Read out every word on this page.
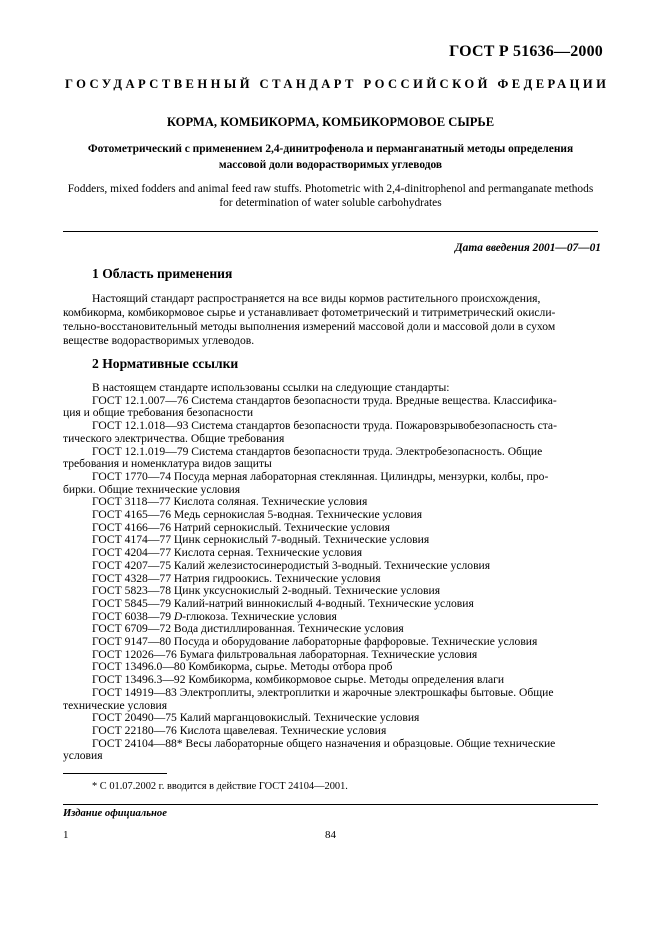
ГОСТ Р 51636—2000
ГОСУДАРСТВЕННЫЙ СТАНДАРТ РОССИЙСКОЙ ФЕДЕРАЦИИ
КОРМА, КОМБИКОРМА, КОМБИКОРМОВОЕ СЫРЬЕ
Фотометрический с применением 2,4-динитрофенола и перманганатный методы определения
массовой доли водорастворимых углеводов
Fodders, mixed fodders and animal feed raw stuffs. Photometric with 2,4-dinitrophenol and permanganate methods
for determination of water soluble carbohydrates
Дата введения 2001—07—01
1 Область применения
Настоящий стандарт распространяется на все виды кормов растительного происхождения,
комбикорма, комбикормовое сырье и устанавливает фотометрический и титриметрический окисли-
тельно-восстановительный методы выполнения измерений массовой доли и массовой доли в сухом
веществе водорастворимых углеводов.
2 Нормативные ссылки
В настоящем стандарте использованы ссылки на следующие стандарты:
ГОСТ 12.1.007—76 Система стандартов безопасности труда. Вредные вещества. Классифика-
ция и общие требования безопасности
ГОСТ 12.1.018—93 Система стандартов безопасности труда. Пожаровзрывобезопасность ста-
тического электричества. Общие требования
ГОСТ 12.1.019—79 Система стандартов безопасности труда. Электробезопасность. Общие
требования и номенклатура видов защиты
ГОСТ 1770—74 Посуда мерная лабораторная стеклянная. Цилиндры, мензурки, колбы, про-
бирки. Общие технические условия
ГОСТ 3118—77 Кислота соляная. Технические условия
ГОСТ 4165—76 Медь сернокислая 5-водная. Технические условия
ГОСТ 4166—76 Натрий сернокислый. Технические условия
ГОСТ 4174—77 Цинк сернокислый 7-водный. Технические условия
ГОСТ 4204—77 Кислота серная. Технические условия
ГОСТ 4207—75 Калий железистосинеродистый 3-водный. Технические условия
ГОСТ 4328—77 Натрия гидроокись. Технические условия
ГОСТ 5823—78 Цинк уксуснокислый 2-водный. Технические условия
ГОСТ 5845—79 Калий-натрий виннокислый 4-водный. Технические условия
ГОСТ 6038—79 D-глюкоза. Технические условия
ГОСТ 6709—72 Вода дистиллированная. Технические условия
ГОСТ 9147—80 Посуда и оборудование лабораторные фарфоровые. Технические условия
ГОСТ 12026—76 Бумага фильтровальная лабораторная. Технические условия
ГОСТ 13496.0—80 Комбикорма, сырье. Методы отбора проб
ГОСТ 13496.3—92 Комбикорма, комбикормовое сырье. Методы определения влаги
ГОСТ 14919—83 Электроплиты, электроплитки и жарочные электрошкафы бытовые. Общие
технические условия
ГОСТ 20490—75 Калий марганцовокислый. Технические условия
ГОСТ 22180—76 Кислота щавелевая. Технические условия
ГОСТ 24104—88* Весы лабораторные общего назначения и образцовые. Общие технические
условия
* С 01.07.2002 г. вводится в действие ГОСТ 24104—2001.
Издание официальное
1	84
